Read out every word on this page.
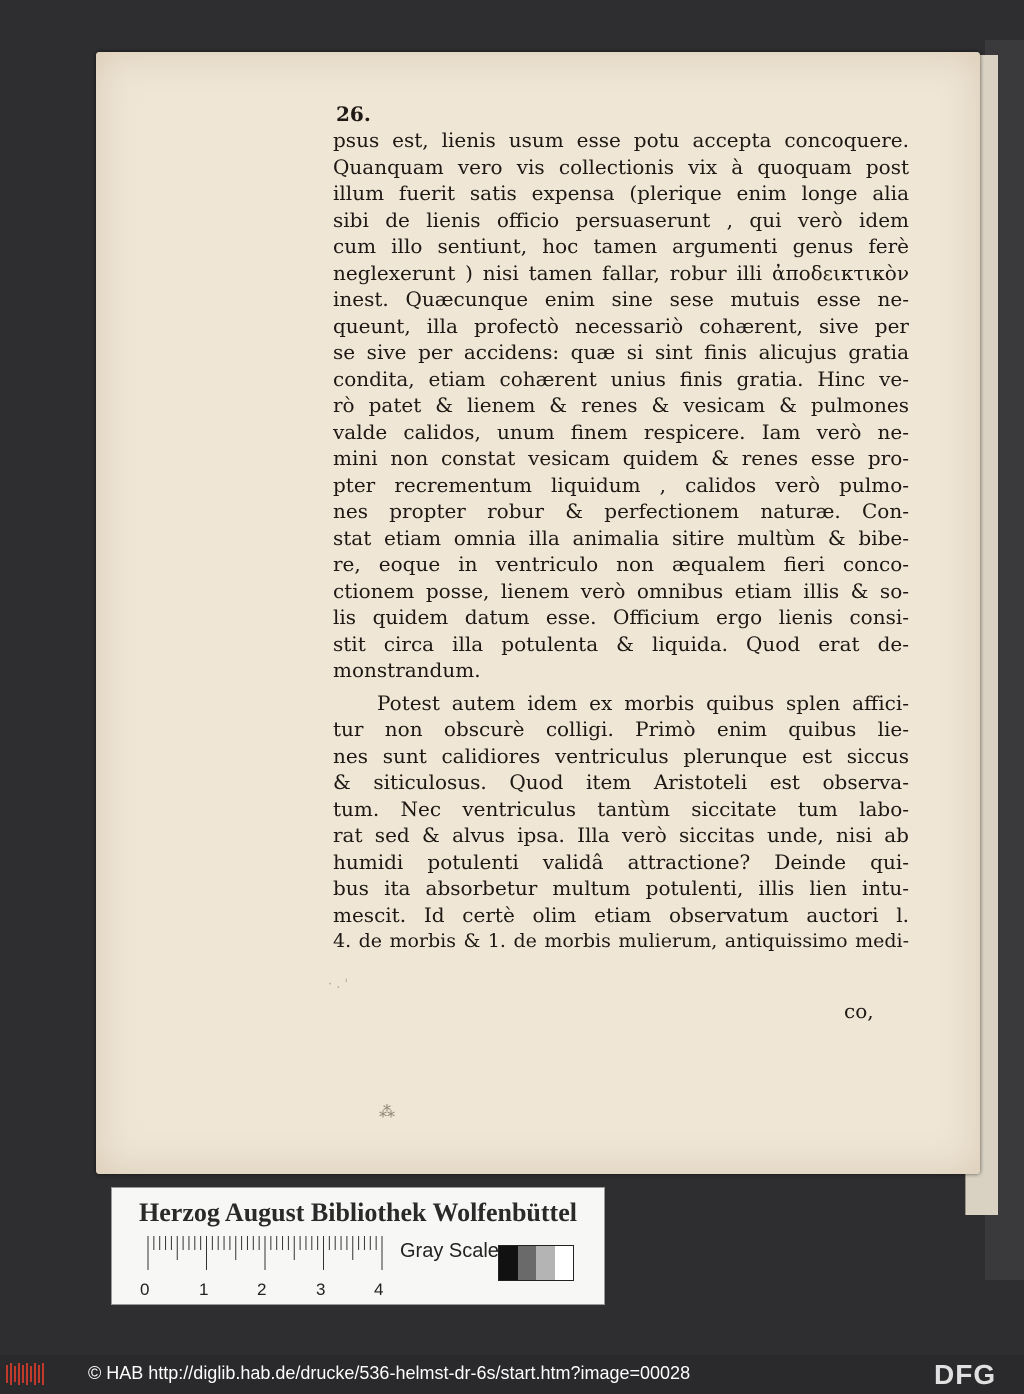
26.
psus est, lienis usum esse potu accepta concoquere.
Quanquam vero vis collectionis vix à quoquam post
illum fuerit satis expensa (plerique enim longe alia
sibi de lienis officio persuaserunt , qui verò idem
cum illo sentiunt, hoc tamen argumenti genus ferè
neglexerunt ) nisi tamen fallar, robur illi ἀποδεικτικὸν
inest. Quæcunque enim sine sese mutuis esse ne-
queunt, illa profectò necessariò cohærent, sive per
se sive per accidens: quæ si sint finis alicujus gratia
condita, etiam cohærent unius finis gratia. Hinc ve-
rò patet & lienem & renes & vesicam & pulmones
valde calidos, unum finem respicere. Iam verò ne-
mini non constat vesicam quidem & renes esse pro-
pter recrementum liquidum , calidos verò pulmo-
nes propter robur & perfectionem naturæ. Con-
stat etiam omnia illa animalia sitire multùm & bibe-
re, eoque in ventriculo non æqualem fieri conco-
ctionem posse, lienem verò omnibus etiam illis & so-
lis quidem datum esse. Officium ergo lienis consi-
stit circa illa potulenta & liquida. Quod erat de-
monstrandum.
Potest autem idem ex morbis quibus splen affici-
tur non obscurè colligi. Primò enim quibus lie-
nes sunt calidiores ventriculus plerunque est siccus
& siticulosus. Quod item Aristoteli est observa-
tum. Nec ventriculus tantùm siccitate tum labo-
rat sed & alvus ipsa. Illa verò siccitas unde, nisi ab
humidi potulenti validâ attractione? Deinde qui-
bus ita absorbetur multum potulenti, illis lien intu-
mescit. Id certè olim etiam observatum auctori l.
4. de morbis & 1. de morbis mulierum, antiquissimo medi-
· . '
⁂
co,
Herzog August Bibliothek Wolfenbüttel
0	1	2	3	4
Gray Scale
© HAB http://diglib.hab.de/drucke/536-helmst-dr-6s/start.htm?image=00028	DFG
